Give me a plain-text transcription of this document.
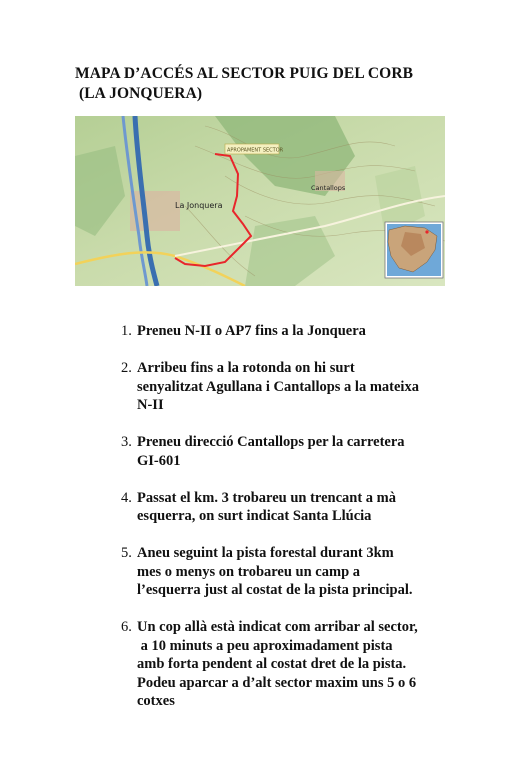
MAPA D’ACCÉS AL SECTOR PUIG DEL CORB
(LA JONQUERA)
APROPAMENT SECTOR
La Jonquera
Cantallops
1. Preneu N-II o AP7 fins a la Jonquera
2. Arribeu fins a la rotonda on hi surt
senyalitzat Agullana i Cantallops a la mateixa
N-II
3. Preneu direcció Cantallops per la carretera
GI-601
4. Passat el km. 3 trobareu un trencant a mà
esquerra, on surt indicat Santa Llúcia
5. Aneu seguint la pista forestal durant 3km
mes o menys on trobareu un camp a
l’esquerra just al costat de la pista principal.
6. Un cop allà està indicat com arribar al sector,
a 10 minuts a peu aproximadament pista
amb forta pendent al costat dret de la pista.
Podeu aparcar a d’alt sector maxim uns 5 o 6
cotxes
